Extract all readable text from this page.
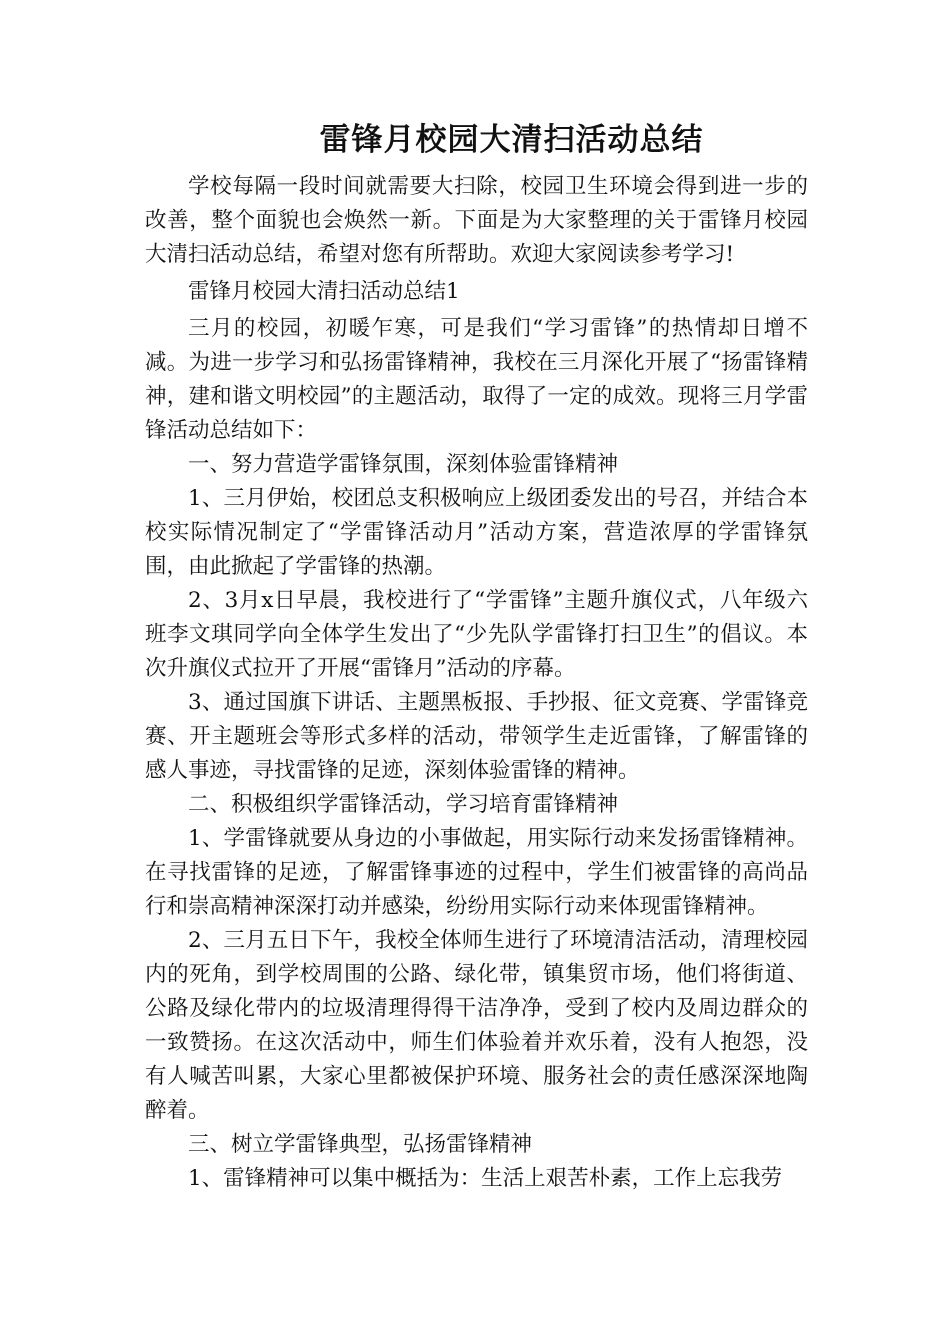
雷锋月校园大清扫活动总结

学校每隔一段时间就需要大扫除，校园卫生环境会得到进一步的改善，整个面貌也会焕然一新。下面是为大家整理的关于雷锋月校园大清扫活动总结，希望对您有所帮助。欢迎大家阅读参考学习!

雷锋月校园大清扫活动总结1

三月的校园，初暖乍寒，可是我们“学习雷锋”的热情却日增不减。为进一步学习和弘扬雷锋精神，我校在三月深化开展了“扬雷锋精神，建和谐文明校园”的主题活动，取得了一定的成效。现将三月学雷锋活动总结如下：

一、努力营造学雷锋氛围，深刻体验雷锋精神

1、三月伊始，校团总支积极响应上级团委发出的号召，并结合本校实际情况制定了“学雷锋活动月”活动方案，营造浓厚的学雷锋氛围，由此掀起了学雷锋的热潮。

2、3月x日早晨，我校进行了“学雷锋”主题升旗仪式，八年级六班李文琪同学向全体学生发出了“少先队学雷锋打扫卫生”的倡议。本次升旗仪式拉开了开展“雷锋月”活动的序幕。

3、通过国旗下讲话、主题黑板报、手抄报、征文竞赛、学雷锋竞赛、开主题班会等形式多样的活动，带领学生走近雷锋，了解雷锋的感人事迹，寻找雷锋的足迹，深刻体验雷锋的精神。

二、积极组织学雷锋活动，学习培育雷锋精神

1、学雷锋就要从身边的小事做起，用实际行动来发扬雷锋精神。在寻找雷锋的足迹，了解雷锋事迹的过程中，学生们被雷锋的高尚品行和崇高精神深深打动并感染，纷纷用实际行动来体现雷锋精神。

2、三月五日下午，我校全体师生进行了环境清洁活动，清理校园内的死角，到学校周围的公路、绿化带，镇集贸市场，他们将街道、公路及绿化带内的垃圾清理得得干洁净净，受到了校内及周边群众的一致赞扬。在这次活动中，师生们体验着并欢乐着，没有人抱怨，没有人喊苦叫累，大家心里都被保护环境、服务社会的责任感深深地陶醉着。

三、树立学雷锋典型，弘扬雷锋精神

1、雷锋精神可以集中概括为：生活上艰苦朴素，工作上忘我劳
